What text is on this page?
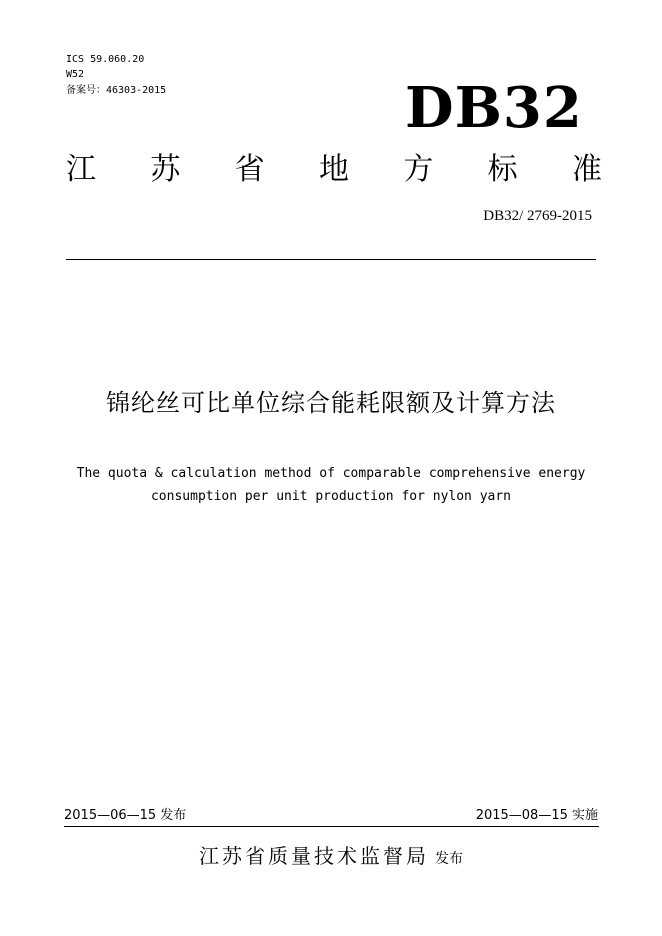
ICS 59.060.20
W52
备案号：46303-2015	DB32
江 苏 省 地 方 标 准
DB32/ 2769-2015
锦纶丝可比单位综合能耗限额及计算方法
The quota & calculation method of comparable comprehensive energy
consumption per unit production for nylon yarn
2015—06—15 发布	2015—08—15 实施
江苏省质量技术监督局 发布
